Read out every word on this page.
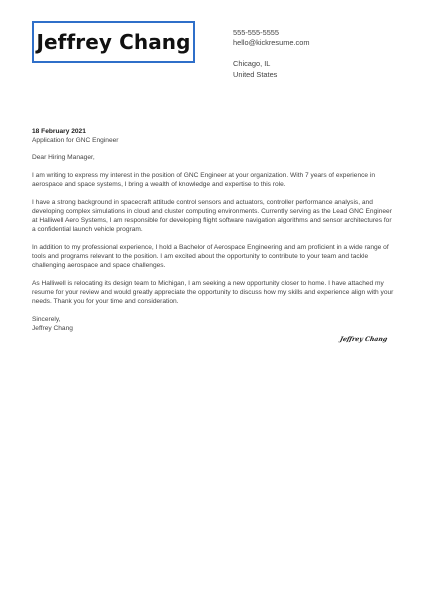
Jeffrey Chang	555-555-5555
hello@kickresume.com
Chicago, IL
United States
18 February 2021
Application for GNC Engineer

Dear Hiring Manager,

I am writing to express my interest in the position of GNC Engineer at your organization. With 7 years of experience in aerospace and space systems, I bring a wealth of knowledge and expertise to this role.

I have a strong background in spacecraft attitude control sensors and actuators, controller performance analysis, and developing complex simulations in cloud and cluster computing environments. Currently serving as the Lead GNC Engineer at Halliwell Aero Systems, I am responsible for developing flight software navigation algorithms and sensor architectures for a confidential launch vehicle program.

In addition to my professional experience, I hold a Bachelor of Aerospace Engineering and am proficient in a wide range of tools and programs relevant to the position. I am excited about the opportunity to contribute to your team and tackle challenging aerospace and space challenges.

As Halliwell is relocating its design team to Michigan, I am seeking a new opportunity closer to home. I have attached my resume for your review and would greatly appreciate the opportunity to discuss how my skills and experience align with your needs. Thank you for your time and consideration.

Sincerely,
Jeffrey Chang
Jeffrey Chang
